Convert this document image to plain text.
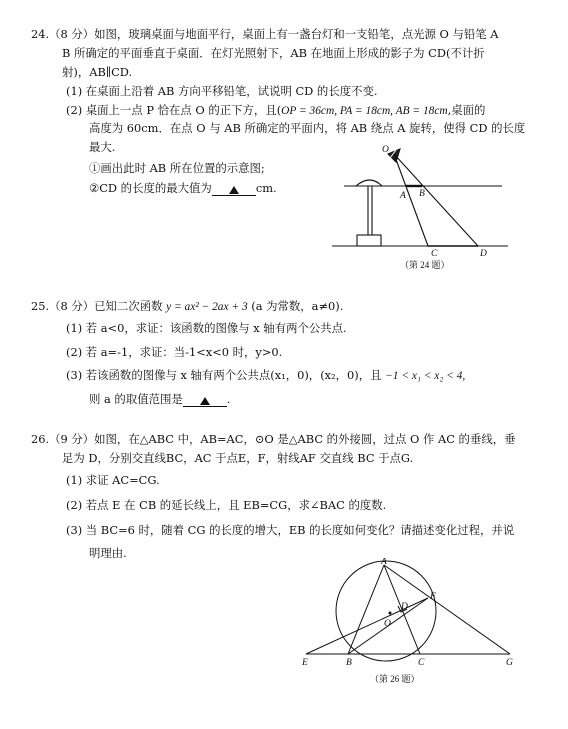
24.（8 分）如图，玻璃桌面与地面平行，桌面上有一盏台灯和一支铅笔，点光源 O 与铅笔 A
B 所确定的平面垂直于桌面．在灯光照射下，AB 在地面上形成的影子为 CD(不计折
射)，AB∥CD.
(1) 在桌面上沿着 AB 方向平移铅笔，试说明 CD 的长度不变.
(2) 桌面上一点 P 恰在点 O 的正下方，且(OP = 36cm, PA = 18cm, AB = 18cm,桌面的
高度为 60cm．在点 O 与 AB 所确定的平面内，将 AB 绕点 A 旋转，使得 CD 的长度
最大.
①画出此时 AB 所在位置的示意图;
②CD 的长度的最大值为	cm.
O
A B
C	D
（第 24 题）
25.（8 分）已知二次函数 y = ax² − 2ax + 3 (a 为常数，a≠0).
(1) 若 a<0，求证：该函数的图像与 x 轴有两个公共点.
(2) 若 a=-1，求证：当-1<x<0 时，y>0.
(3) 若该函数的图像与 x 轴有两个公共点(x₁，0)，(x₂，0)，且 −1 < x₁ < x₂ < 4,
则 a 的取值范围是	.
26.（9 分）如图，在△ABC 中，AB=AC，⊙O 是△ABC 的外接圆，过点 O 作 AC 的垂线，垂
足为 D，分别交直线BC，AC 于点E，F，射线AF 交直线 BC 于点G.
(1) 求证 AC=CG.
(2) 若点 E 在 CB 的延长线上，且 EB=CG，求∠BAC 的度数.
(3) 当 BC=6 时，随着 CG 的长度的增大，EB 的长度如何变化？请描述变化过程，并说
明理由.
A
B	C
D
E
F
G
O
（第 26 题）
